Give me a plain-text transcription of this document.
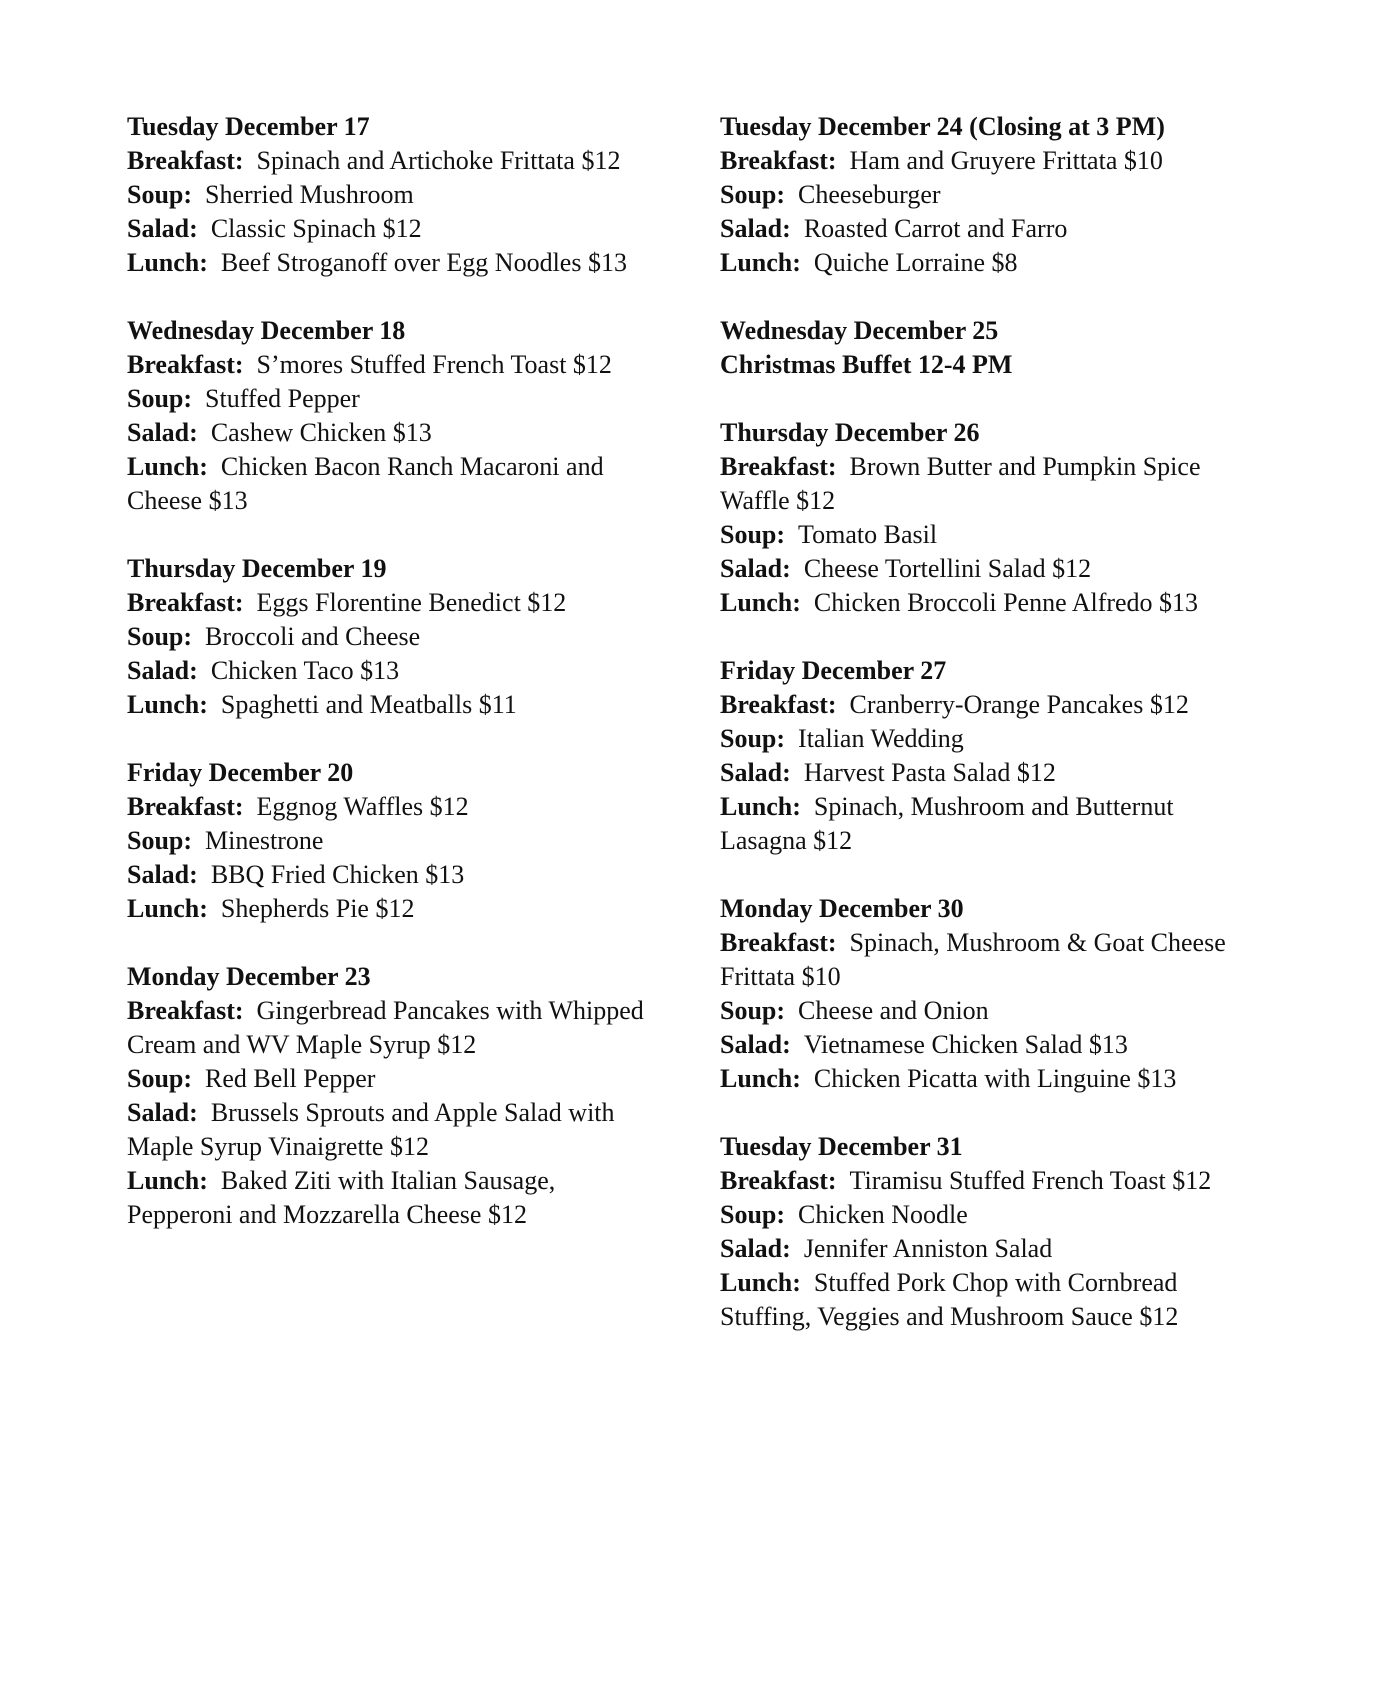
Tuesday December 17

Breakfast: Spinach and Artichoke Frittata $12

Soup: Sherried Mushroom

Salad: Classic Spinach $12

Lunch: Beef Stroganoff over Egg Noodles $13

Wednesday December 18

Breakfast: S’mores Stuffed French Toast $12

Soup: Stuffed Pepper

Salad: Cashew Chicken $13

Lunch: Chicken Bacon Ranch Macaroni and Cheese $13

Thursday December 19

Breakfast: Eggs Florentine Benedict $12

Soup: Broccoli and Cheese

Salad: Chicken Taco $13

Lunch: Spaghetti and Meatballs $11

Friday December 20

Breakfast: Eggnog Waffles $12

Soup: Minestrone

Salad: BBQ Fried Chicken $13

Lunch: Shepherds Pie $12

Monday December 23

Breakfast: Gingerbread Pancakes with Whipped Cream and WV Maple Syrup $12

Soup: Red Bell Pepper

Salad: Brussels Sprouts and Apple Salad with Maple Syrup Vinaigrette $12

Lunch: Baked Ziti with Italian Sausage, Pepperoni and Mozzarella Cheese $12

Tuesday December 24 (Closing at 3 PM)

Breakfast: Ham and Gruyere Frittata $10

Soup: Cheeseburger

Salad: Roasted Carrot and Farro

Lunch: Quiche Lorraine $8

Wednesday December 25

Christmas Buffet 12-4 PM

Thursday December 26

Breakfast: Brown Butter and Pumpkin Spice Waffle $12

Soup: Tomato Basil

Salad: Cheese Tortellini Salad $12

Lunch: Chicken Broccoli Penne Alfredo $13

Friday December 27

Breakfast: Cranberry-Orange Pancakes $12

Soup: Italian Wedding

Salad: Harvest Pasta Salad $12

Lunch: Spinach, Mushroom and Butternut Lasagna $12

Monday December 30

Breakfast: Spinach, Mushroom & Goat Cheese Frittata $10

Soup: Cheese and Onion

Salad: Vietnamese Chicken Salad $13

Lunch: Chicken Picatta with Linguine $13

Tuesday December 31

Breakfast: Tiramisu Stuffed French Toast $12

Soup: Chicken Noodle

Salad: Jennifer Anniston Salad

Lunch: Stuffed Pork Chop with Cornbread Stuffing, Veggies and Mushroom Sauce $12
